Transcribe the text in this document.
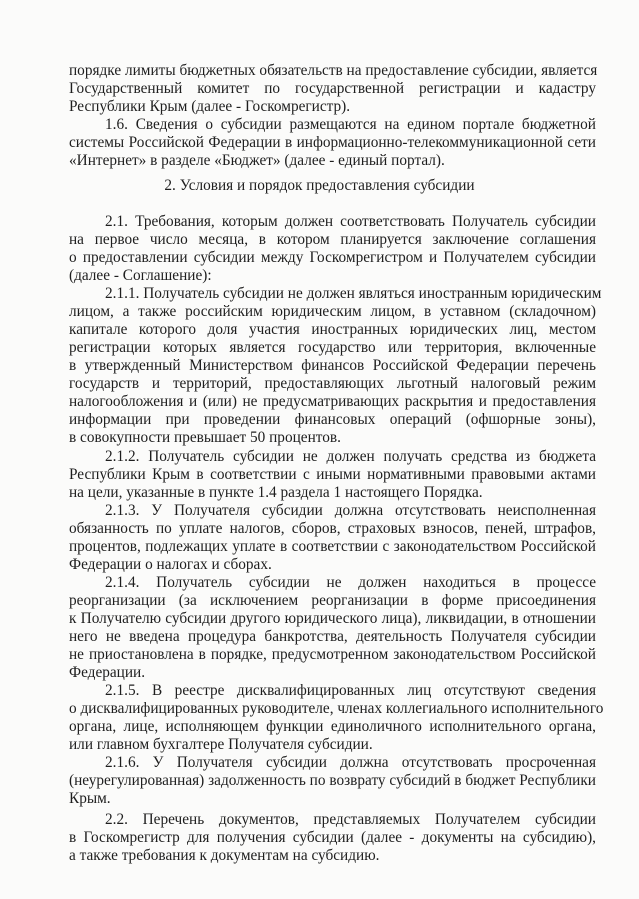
порядке лимиты бюджетных обязательств на предоставление субсидии, является
Государственный комитет по государственной регистрации и кадастру
Республики Крым (далее - Госкомрегистр).
1.6. Сведения о субсидии размещаются на едином портале бюджетной
системы Российской Федерации в информационно-телекоммуникационной сети
«Интернет» в разделе «Бюджет» (далее - единый портал).
2. Условия и порядок предоставления субсидии
2.1. Требования, которым должен соответствовать Получатель субсидии
на первое число месяца, в котором планируется заключение соглашения
о предоставлении субсидии между Госкомрегистром и Получателем субсидии
(далее - Соглашение):
2.1.1. Получатель субсидии не должен являться иностранным юридическим
лицом, а также российским юридическим лицом, в уставном (складочном)
капитале которого доля участия иностранных юридических лиц, местом
регистрации которых является государство или территория, включенные
в утвержденный Министерством финансов Российской Федерации перечень
государств и территорий, предоставляющих льготный налоговый режим
налогообложения и (или) не предусматривающих раскрытия и предоставления
информации при проведении финансовых операций (офшорные зоны),
в совокупности превышает 50 процентов.
2.1.2. Получатель субсидии не должен получать средства из бюджета
Республики Крым в соответствии с иными нормативными правовыми актами
на цели, указанные в пункте 1.4 раздела 1 настоящего Порядка.
2.1.3. У Получателя субсидии должна отсутствовать неисполненная
обязанность по уплате налогов, сборов, страховых взносов, пеней, штрафов,
процентов, подлежащих уплате в соответствии с законодательством Российской
Федерации о налогах и сборах.
2.1.4. Получатель субсидии не должен находиться в процессе
реорганизации (за исключением реорганизации в форме присоединения
к Получателю субсидии другого юридического лица), ликвидации, в отношении
него не введена процедура банкротства, деятельность Получателя субсидии
не приостановлена в порядке, предусмотренном законодательством Российской
Федерации.
2.1.5. В реестре дисквалифицированных лиц отсутствуют сведения
о дисквалифицированных руководителе, членах коллегиального исполнительного
органа, лице, исполняющем функции единоличного исполнительного органа,
или главном бухгалтере Получателя субсидии.
2.1.6. У Получателя субсидии должна отсутствовать просроченная
(неурегулированная) задолженность по возврату субсидий в бюджет Республики
Крым.
2.2. Перечень документов, представляемых Получателем субсидии
в Госкомрегистр для получения субсидии (далее - документы на субсидию),
а также требования к документам на субсидию.
